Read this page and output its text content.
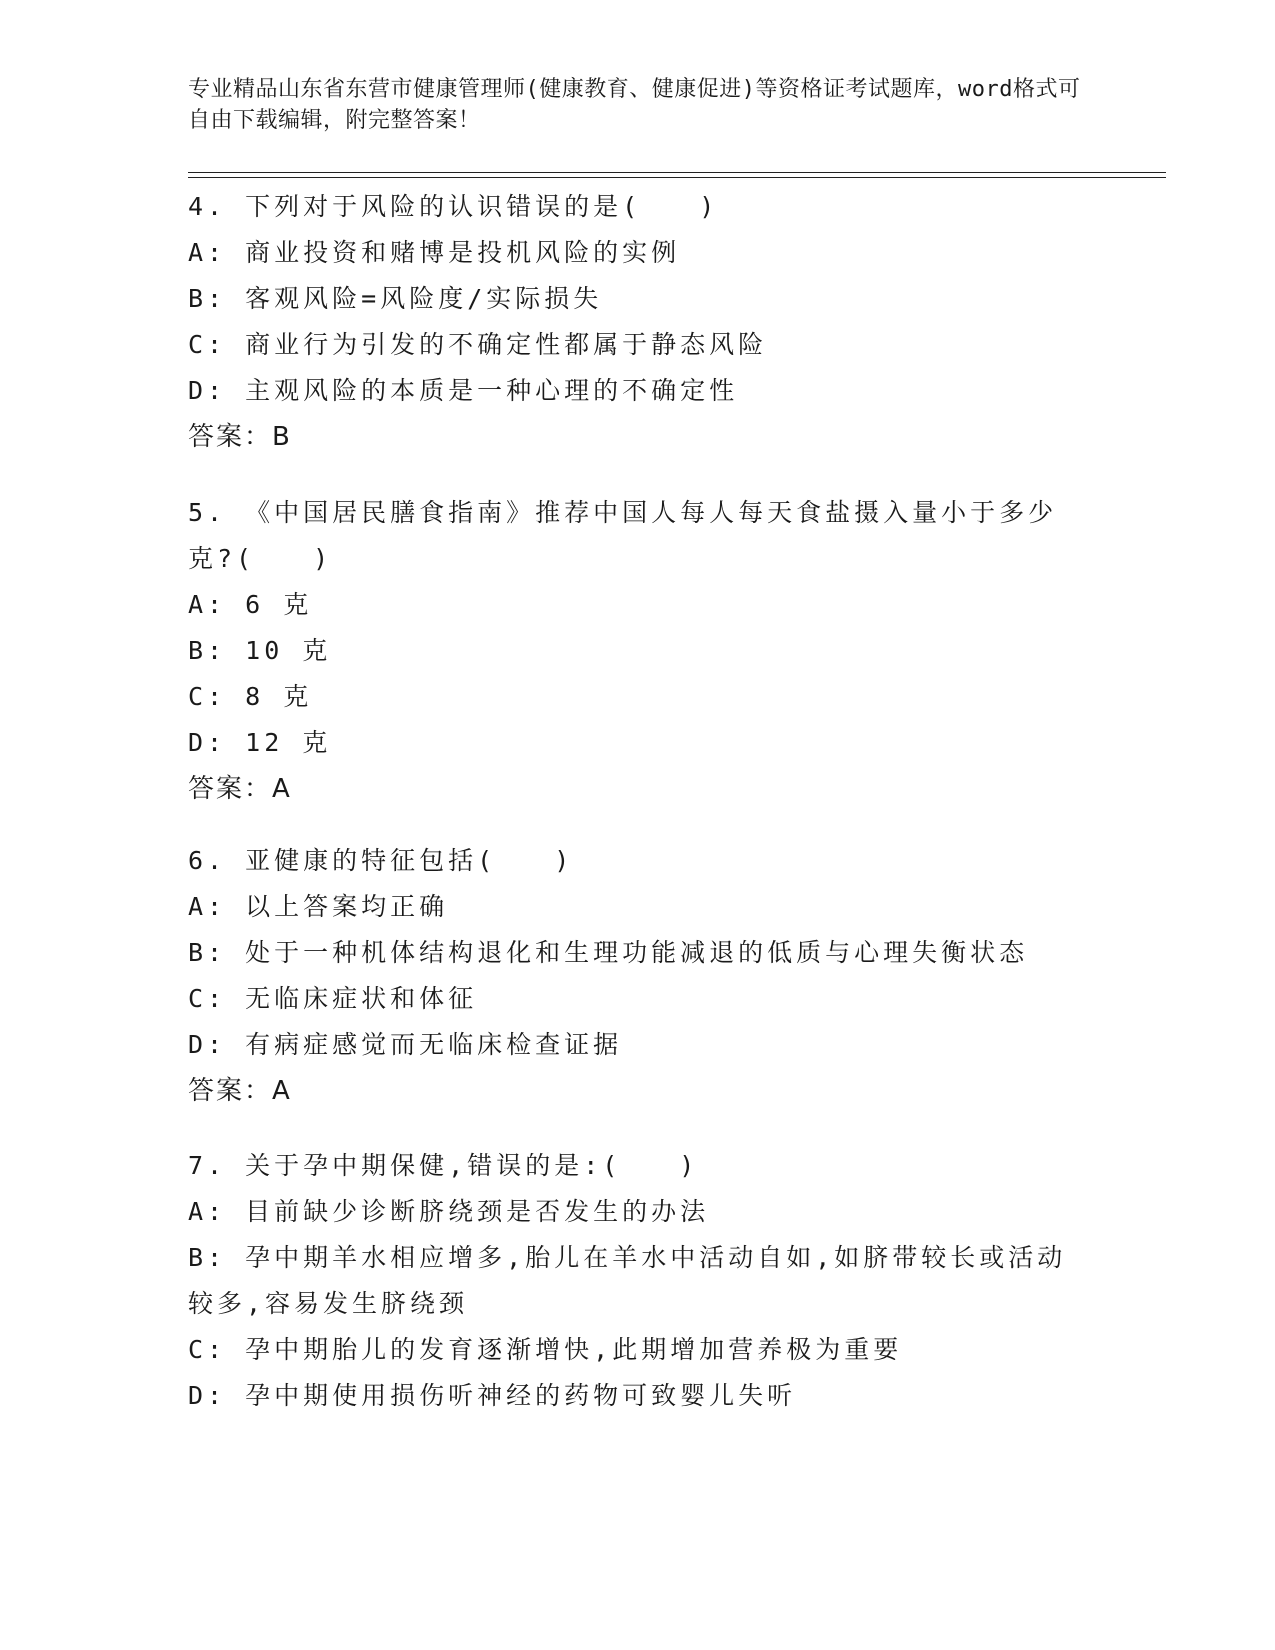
专业精品山东省东营市健康管理师(健康教育、健康促进)等资格证考试题库，word格式可自由下载编辑，附完整答案！
4. 下列对于风险的认识错误的是(　　)
A: 商业投资和赌博是投机风险的实例
B: 客观风险=风险度/实际损失
C: 商业行为引发的不确定性都属于静态风险
D: 主观风险的本质是一种心理的不确定性
答案：B
5. 《中国居民膳食指南》推荐中国人每人每天食盐摄入量小于多少克?(　　)
A: 6 克
B: 10 克
C: 8 克
D: 12 克
答案：A
6. 亚健康的特征包括(　　)
A: 以上答案均正确
B: 处于一种机体结构退化和生理功能减退的低质与心理失衡状态
C: 无临床症状和体征
D: 有病症感觉而无临床检查证据
答案：A
7. 关于孕中期保健,错误的是:(　　)
A: 目前缺少诊断脐绕颈是否发生的办法
B: 孕中期羊水相应增多,胎儿在羊水中活动自如,如脐带较长或活动较多,容易发生脐绕颈
C: 孕中期胎儿的发育逐渐增快,此期增加营养极为重要
D: 孕中期使用损伤听神经的药物可致婴儿失听
